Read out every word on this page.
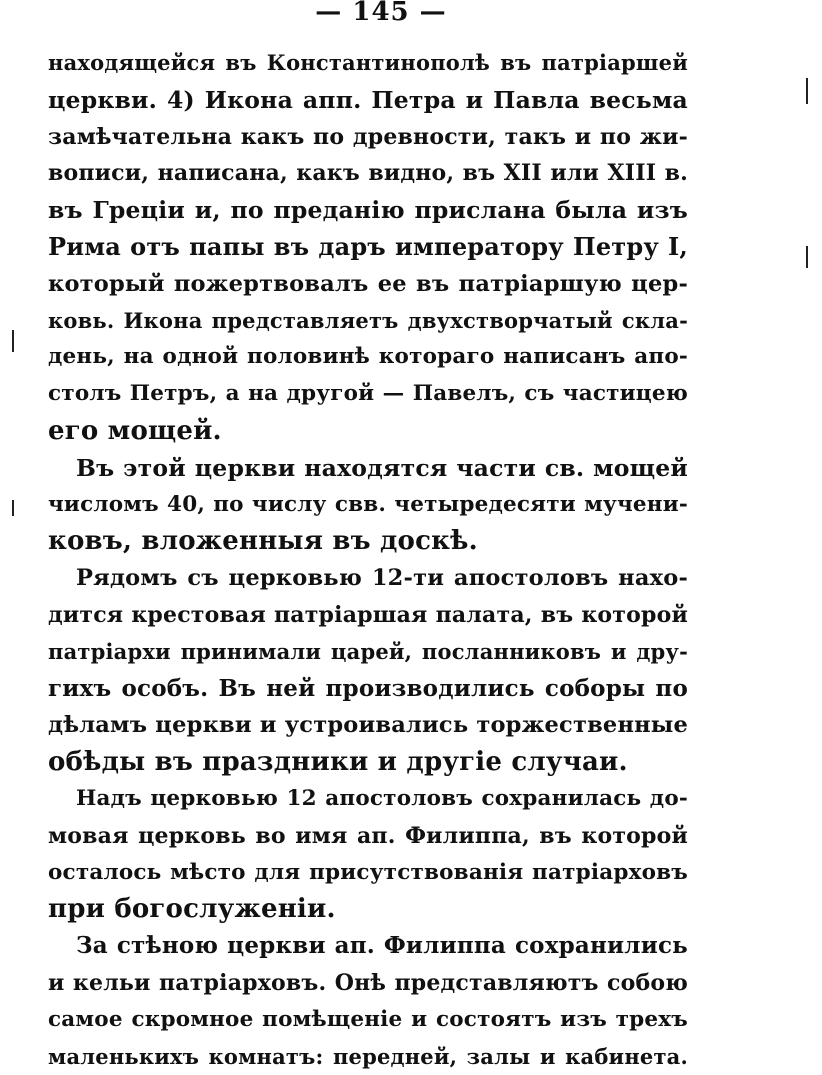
— 145 —
находящейся въ Константинополѣ въ патріаршей
церкви. 4) Икона апп. Петра и Павла весьма
замѣчательна какъ по древности, такъ и по жи-
вописи, написана, какъ видно, въ XII или XIII в.
въ Греціи и, по преданію прислана была изъ
Рима отъ папы въ даръ императору Петру I,
который пожертвовалъ ее въ патріаршую цер-
ковь. Икона представляетъ двухстворчатый скла-
день, на одной половинѣ котораго написанъ апо-
столъ Петръ, а на другой — Павелъ, съ частицею
его мощей.
Въ этой церкви находятся части св. мощей
числомъ 40, по числу свв. четыредесяти мучени-
ковъ, вложенныя въ доскѣ.
Рядомъ съ церковью 12-ти апостоловъ нахо-
дится крестовая патріаршая палата, въ которой
патріархи принимали царей, посланниковъ и дру-
гихъ особъ. Въ ней производились соборы по
дѣламъ церкви и устроивались торжественные
обѣды въ праздники и другіе случаи.
Надъ церковью 12 апостоловъ сохранилась до-
мовая церковь во имя ап. Филиппа, въ которой
осталось мѣсто для присутствованія патріарховъ
при богослуженіи.
За стѣною церкви ап. Филиппа сохранились
и кельи патріарховъ. Онѣ представляютъ собою
самое скромное помѣщеніе и состоятъ изъ трехъ
маленькихъ комнатъ: передней, залы и кабинета.
